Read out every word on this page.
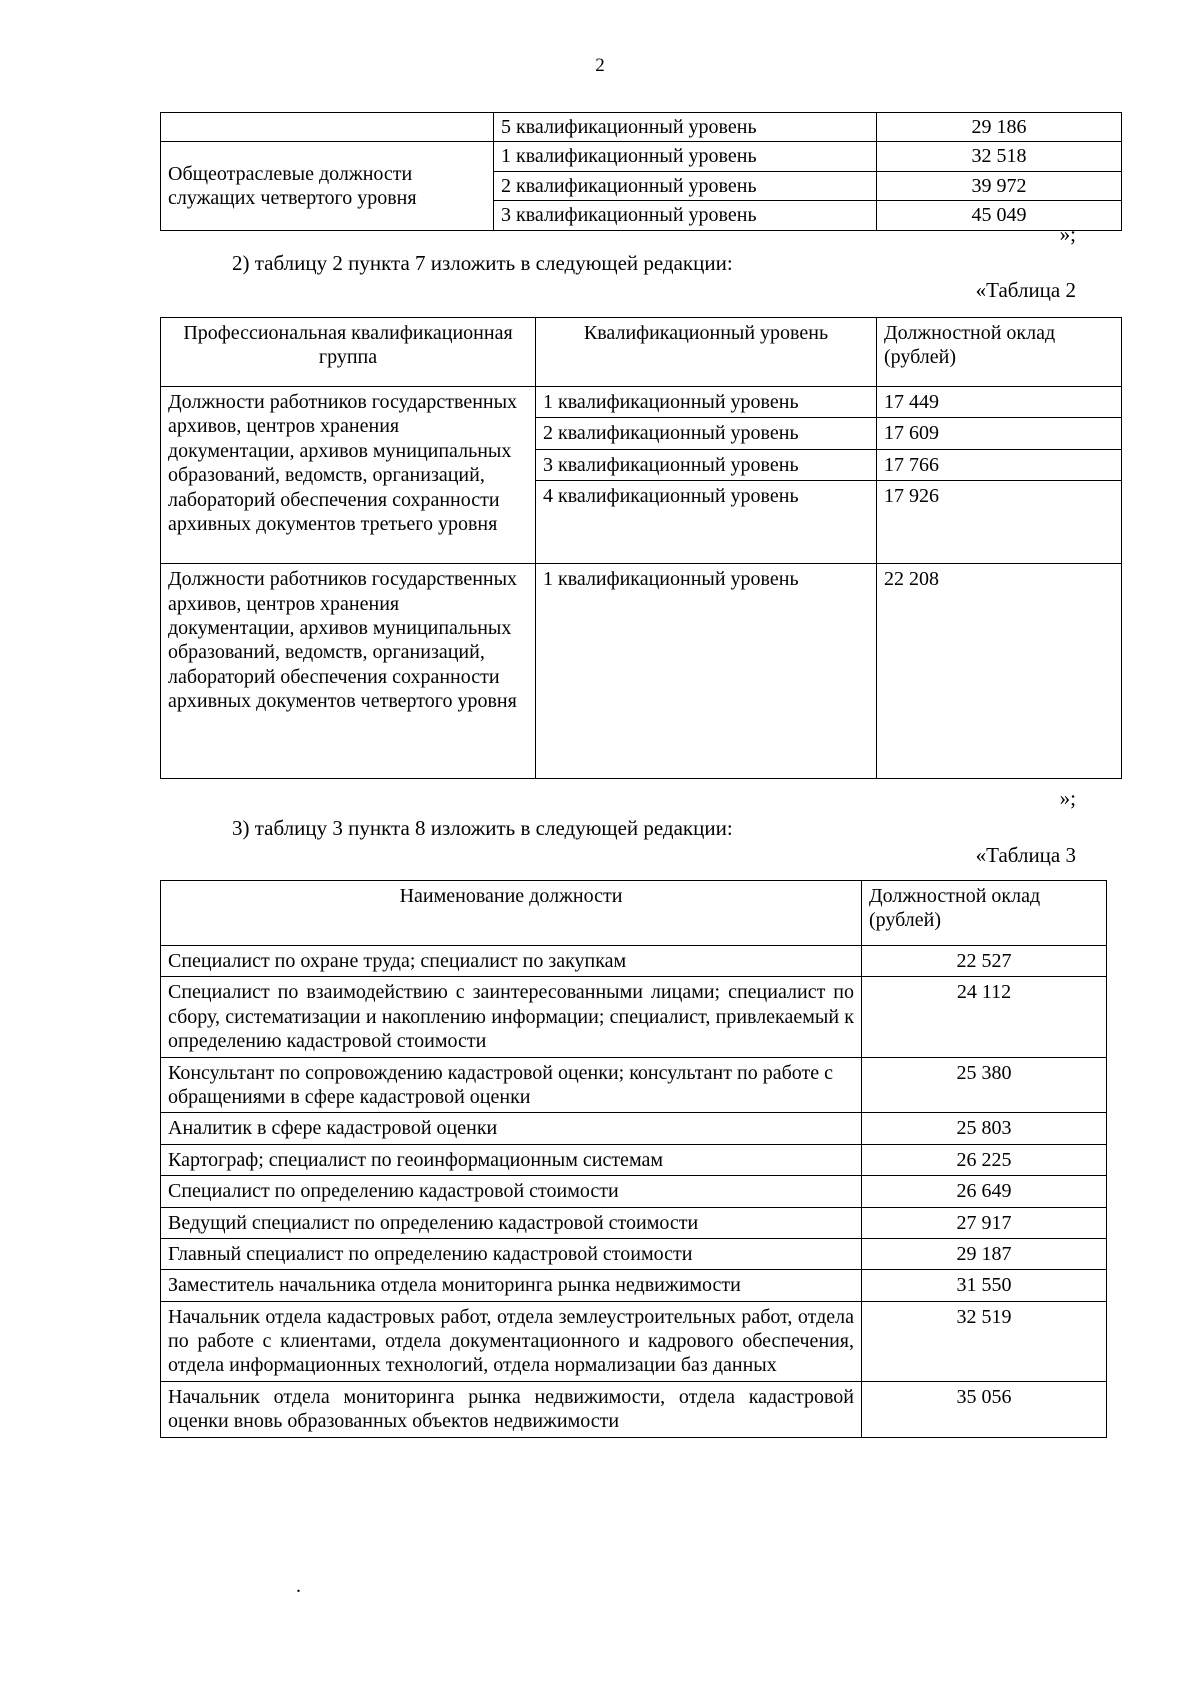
2
	5 квалификационный уровень	29 186
Общеотраслевые должности служащих четвертого уровня	1 квалификационный уровень	32 518
	2 квалификационный уровень	39 972
	3 квалификационный уровень	45 049
»;
2) таблицу 2 пункта 7 изложить в следующей редакции:
«Таблица 2
Профессиональная квалификационная группа	Квалификационный уровень	Должностной оклад (рублей)
Должности работников государственных архивов, центров хранения документации, архивов муниципальных образований, ведомств, организаций, лабораторий обеспечения сохранности архивных документов третьего уровня	1 квалификационный уровень	17 449
	2 квалификационный уровень	17 609
	3 квалификационный уровень	17 766
	4 квалификационный уровень	17 926
Должности работников государственных архивов, центров хранения документации, архивов муниципальных образований, ведомств, организаций, лабораторий обеспечения сохранности архивных документов четвертого уровня	1 квалификационный уровень	22 208
»;
3) таблицу 3 пункта 8 изложить в следующей редакции:
«Таблица 3
Наименование должности	Должностной оклад (рублей)
Специалист по охране труда; специалист по закупкам	22 527
Специалист по взаимодействию с заинтересованными лицами; специалист по сбору, систематизации и накоплению информации; специалист, привлекаемый к определению кадастровой стоимости	24 112
Консультант по сопровождению кадастровой оценки; консультант по работе с обращениями в сфере кадастровой оценки	25 380
Аналитик в сфере кадастровой оценки	25 803
Картограф; специалист по геоинформационным системам	26 225
Специалист по определению кадастровой стоимости	26 649
Ведущий специалист по определению кадастровой стоимости	27 917
Главный специалист по определению кадастровой стоимости	29 187
Заместитель начальника отдела мониторинга рынка недвижимости	31 550
Начальник отдела кадастровых работ, отдела землеустроительных работ, отдела по работе с клиентами, отдела документационного и кадрового обеспечения, отдела информационных технологий, отдела нормализации баз данных	32 519
Начальник отдела мониторинга рынка недвижимости, отдела кадастровой оценки вновь образованных объектов недвижимости	35 056
.
